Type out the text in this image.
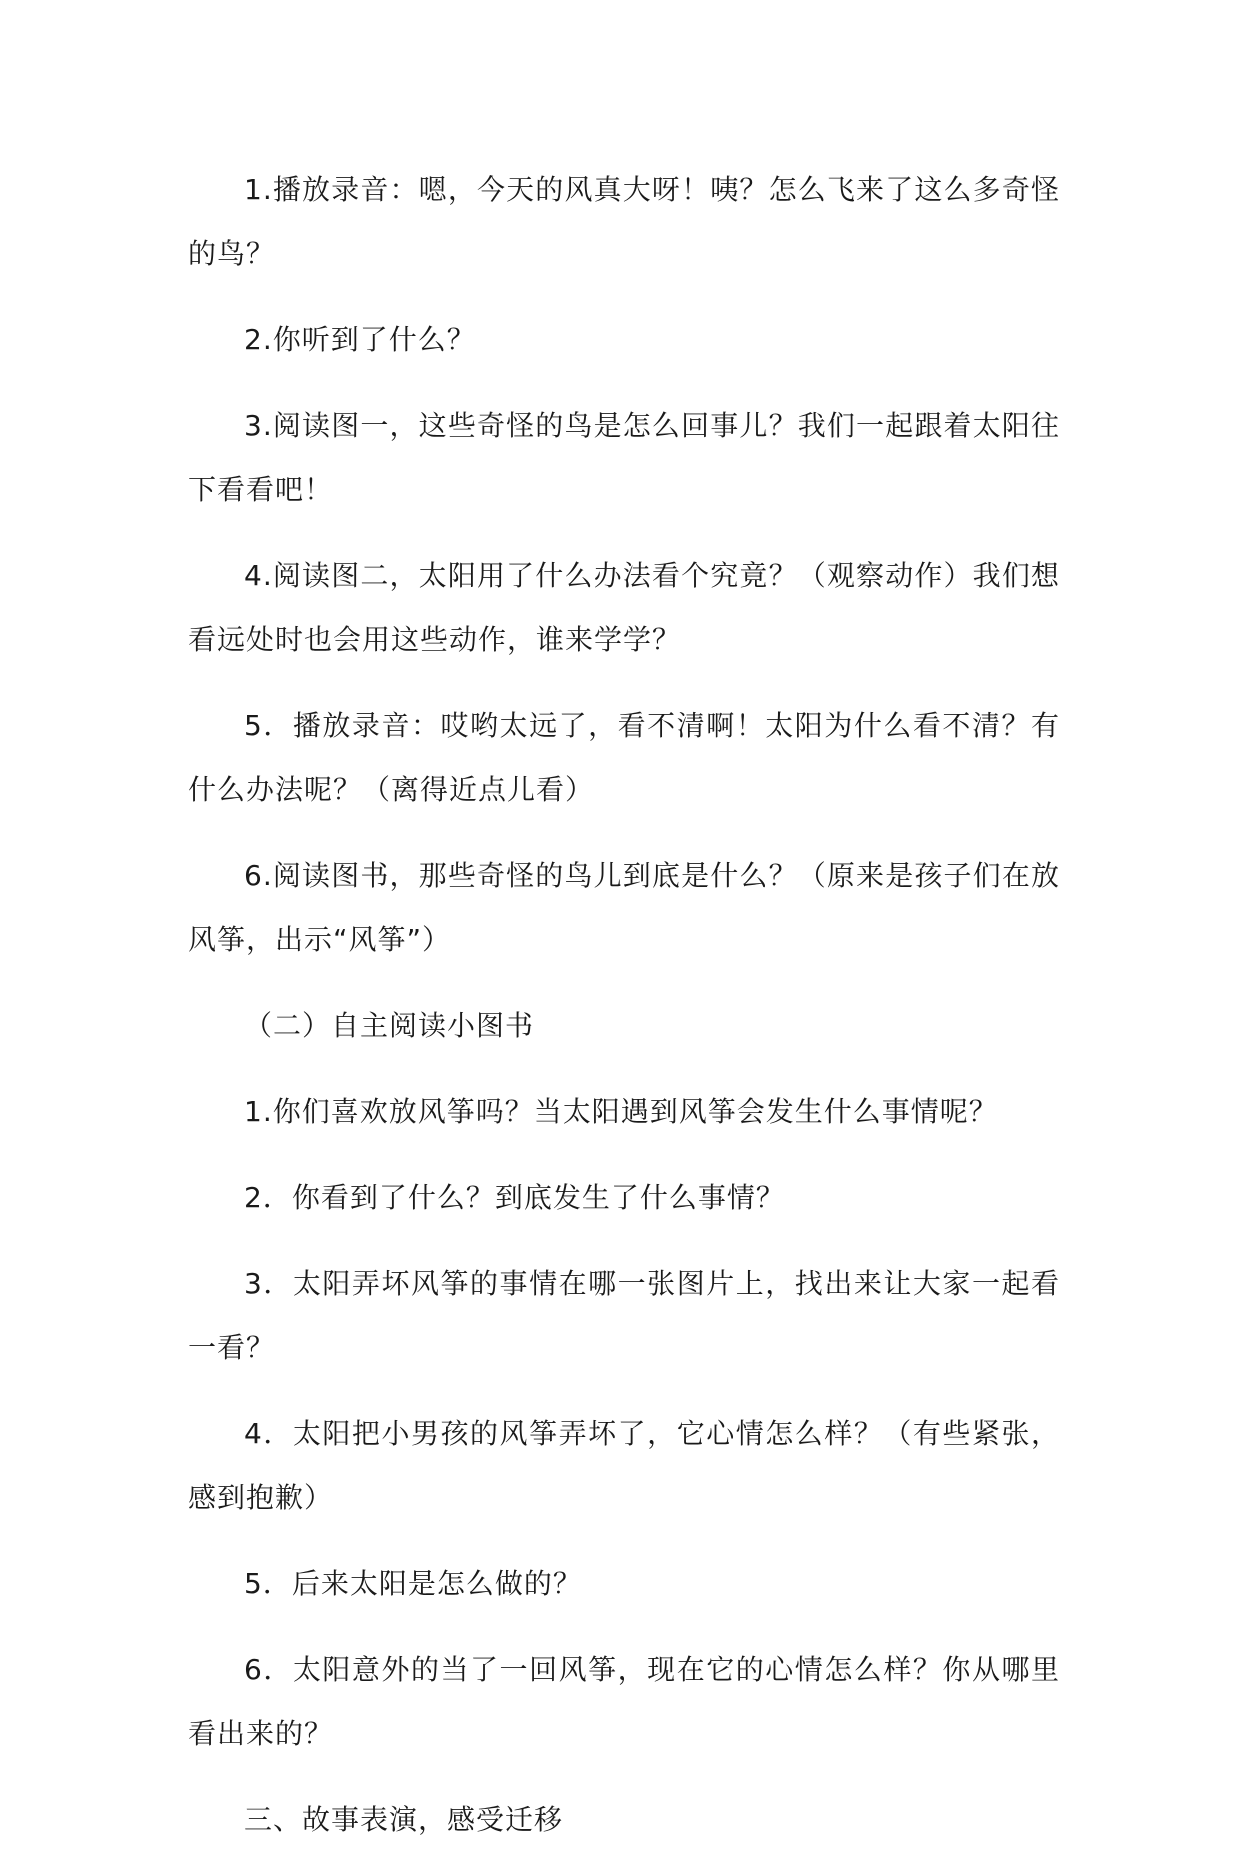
1.播放录音：嗯，今天的风真大呀！咦？怎么飞来了这么多奇怪的鸟？

2.你听到了什么？

3.阅读图一，这些奇怪的鸟是怎么回事儿？我们一起跟着太阳往下看看吧！

4.阅读图二，太阳用了什么办法看个究竟？（观察动作）我们想看远处时也会用这些动作，谁来学学？

5．播放录音：哎哟太远了，看不清啊！太阳为什么看不清？有什么办法呢？（离得近点儿看）

6.阅读图书，那些奇怪的鸟儿到底是什么？（原来是孩子们在放风筝，出示“风筝”）

（二）自主阅读小图书

1.你们喜欢放风筝吗？当太阳遇到风筝会发生什么事情呢？

2．你看到了什么？到底发生了什么事情？

3．太阳弄坏风筝的事情在哪一张图片上，找出来让大家一起看一看？

4．太阳把小男孩的风筝弄坏了，它心情怎么样？（有些紧张，感到抱歉）

5．后来太阳是怎么做的？

6．太阳意外的当了一回风筝，现在它的心情怎么样？你从哪里看出来的？

三、故事表演，感受迁移
